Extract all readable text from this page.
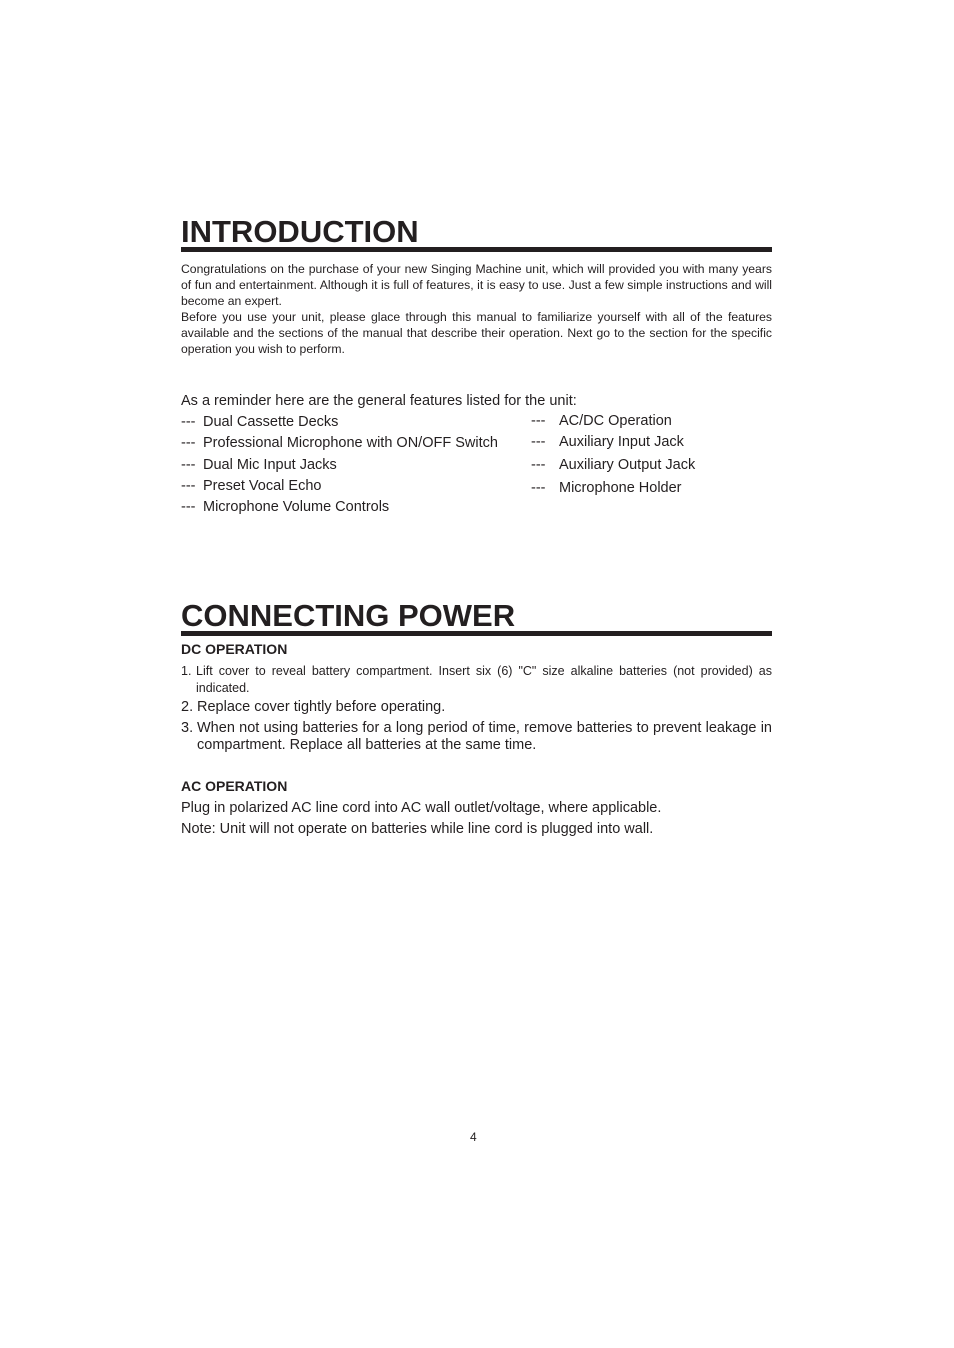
INTRODUCTION

Congratulations on the purchase of your new Singing Machine unit, which will provided you with many years of fun and entertainment. Although it is full of features, it is easy to use. Just a few simple instructions and will become an expert.

Before you use your unit, please glace through this manual to familiarize yourself with all of the features available and the sections of the manual that describe their operation. Next go to the section for the specific operation you wish to perform.

As a reminder here are the general features listed for the unit:
--- Dual Cassette Decks
--- Professional Microphone with ON/OFF Switch
--- Dual Mic Input Jacks
--- Preset Vocal Echo
--- Microphone Volume Controls
--- AC/DC Operation
--- Auxiliary Input Jack
--- Auxiliary Output Jack
--- Microphone Holder
CONNECTING POWER
DC OPERATION
1. Lift cover to reveal battery compartment. Insert six (6) "C" size alkaline batteries (not provided) as indicated.
2. Replace cover tightly before operating.
3. When not using batteries for a long period of time, remove batteries to prevent leakage in compartment. Replace all batteries at the same time.
AC OPERATION
Plug in polarized AC line cord into AC wall outlet/voltage, where applicable.
Note: Unit will not operate on batteries while line cord is plugged into wall.
4
